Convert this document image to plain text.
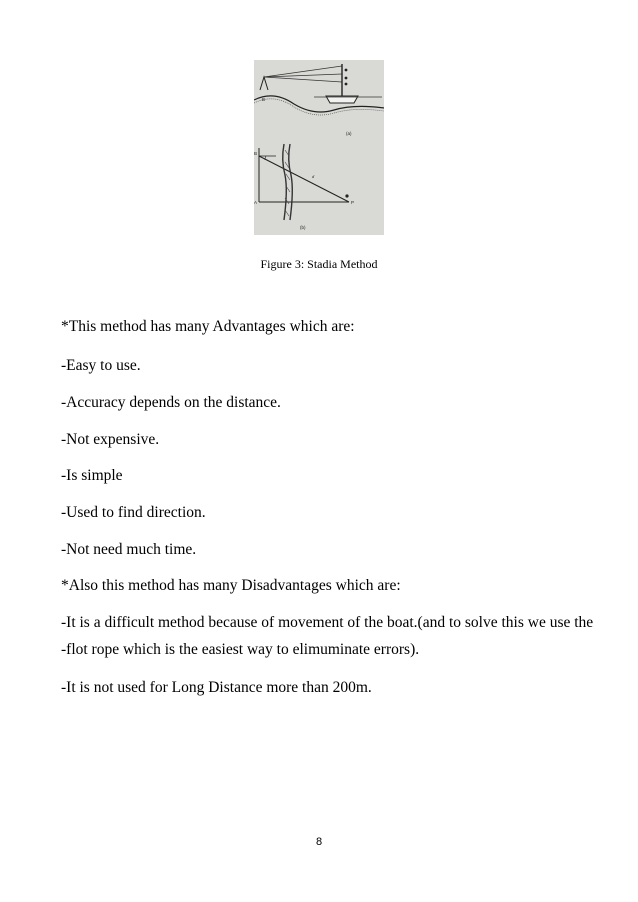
(a)
B
B
A	P
d
(b)
Figure 3: Stadia Method
*This method has many Advantages which are:
-Easy to use.
-Accuracy depends on the distance.
-Not expensive.
-Is simple
-Used to find direction.
-Not need much time.
*Also this method has many Disadvantages which are:
-It is a difficult method because of movement of the boat.(and to solve this we use the
-flot rope which is the easiest way to elimuminate errors).
-It is not used for Long Distance more than 200m.
8
